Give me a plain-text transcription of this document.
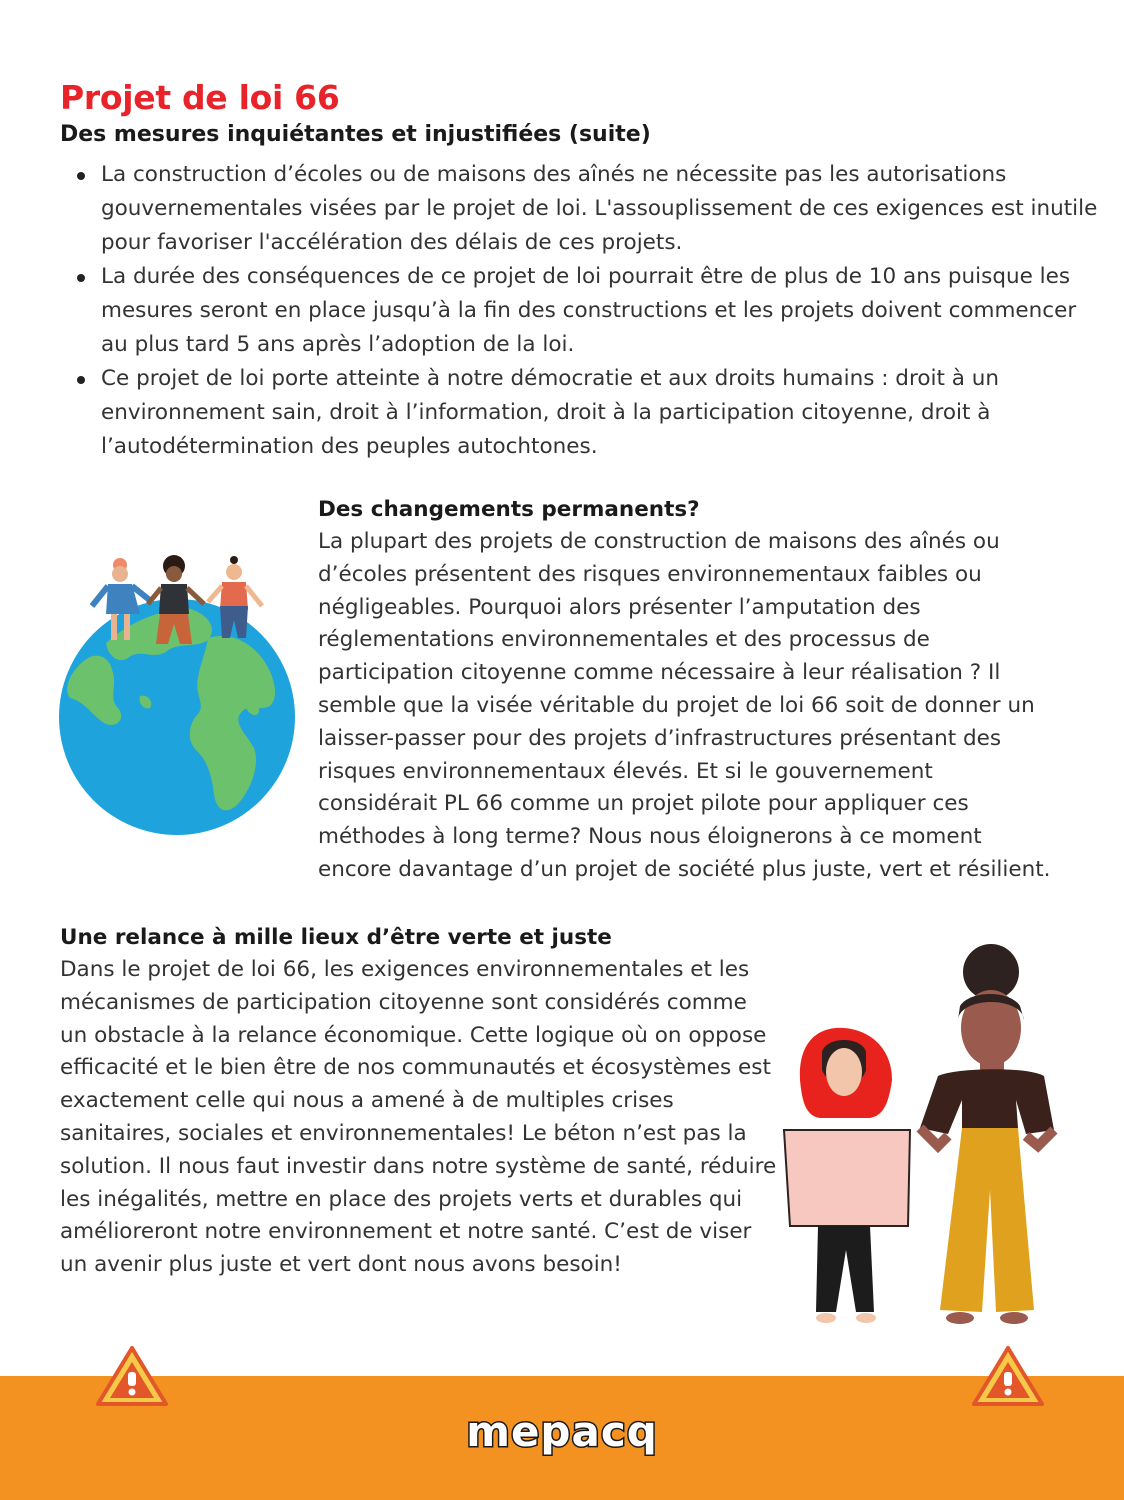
Projet de loi 66
Des mesures inquiétantes et injustifiées (suite)
La construction d’écoles ou de maisons des aînés ne nécessite pas les autorisations gouvernementales visées par le projet de loi. L'assouplissement de ces exigences est inutile pour favoriser l'accélération des délais de ces projets.
La durée des conséquences de ce projet de loi pourrait être de plus de 10 ans puisque les mesures seront en place jusqu’à la fin des constructions et les projets doivent commencer au plus tard 5 ans après l’adoption de la loi.
Ce projet de loi porte atteinte à notre démocratie et aux droits humains : droit à un environnement sain, droit à l’information, droit à la participation citoyenne, droit à l’autodétermination des peuples autochtones.
Des changements permanents?

La plupart des projets de construction de maisons des aînés ou d’écoles présentent des risques environnementaux faibles ou négligeables. Pourquoi alors présenter l’amputation des réglementations environnementales et des processus de participation citoyenne comme nécessaire à leur réalisation ? Il semble que la visée véritable du projet de loi 66 soit de donner un laisser-passer pour des projets d’infrastructures présentant des risques environnementaux élevés. Et si le gouvernement considérait PL 66 comme un projet pilote pour appliquer ces méthodes à long terme? Nous nous éloignerons à ce moment encore davantage d’un projet de société plus juste, vert et résilient.

Une relance à mille lieux d’être verte et juste

Dans le projet de loi 66, les exigences environnementales et les mécanismes de participation citoyenne sont considérés comme un obstacle à la relance économique. Cette logique où on oppose efficacité et le bien être de nos communautés et écosystèmes est exactement celle qui nous a amené à de multiples crises sanitaires, sociales et environnementales! Le béton n’est pas la solution. Il nous faut investir dans notre système de santé, réduire les inégalités, mettre en place des projets verts et durables qui amélioreront notre environnement et notre santé. C’est de viser un avenir plus juste et vert dont nous avons besoin!

mepacq
